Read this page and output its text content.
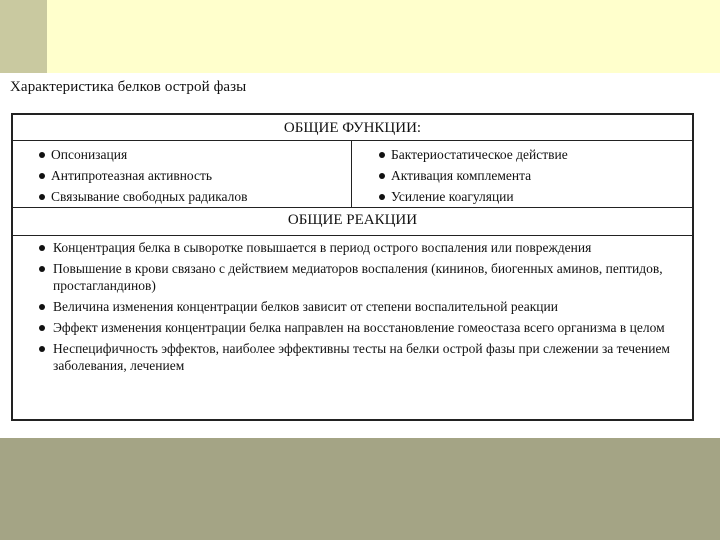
Характеристика белков острой фазы
ОБЩИЕ ФУНКЦИИ:
Опсонизация
Антипротеазная активность
Связывание свободных радикалов
Бактериостатическое действие
Активация комплемента
Усиление коагуляции
ОБЩИЕ РЕАКЦИИ
Концентрация белка в сыворотке повышается в период острого воспаления или повреждения
Повышение в крови связано с действием медиаторов воспаления (кининов, биогенных аминов, пептидов, простагландинов)
Величина изменения концентрации белков зависит от степени воспалительной реакции
Эффект изменения концентрации белка направлен на восстановление гомеостаза всего организма в целом
Неспецифичность эффектов, наиболее эффективны тесты на белки острой фазы при слежении за течением заболевания, лечением
